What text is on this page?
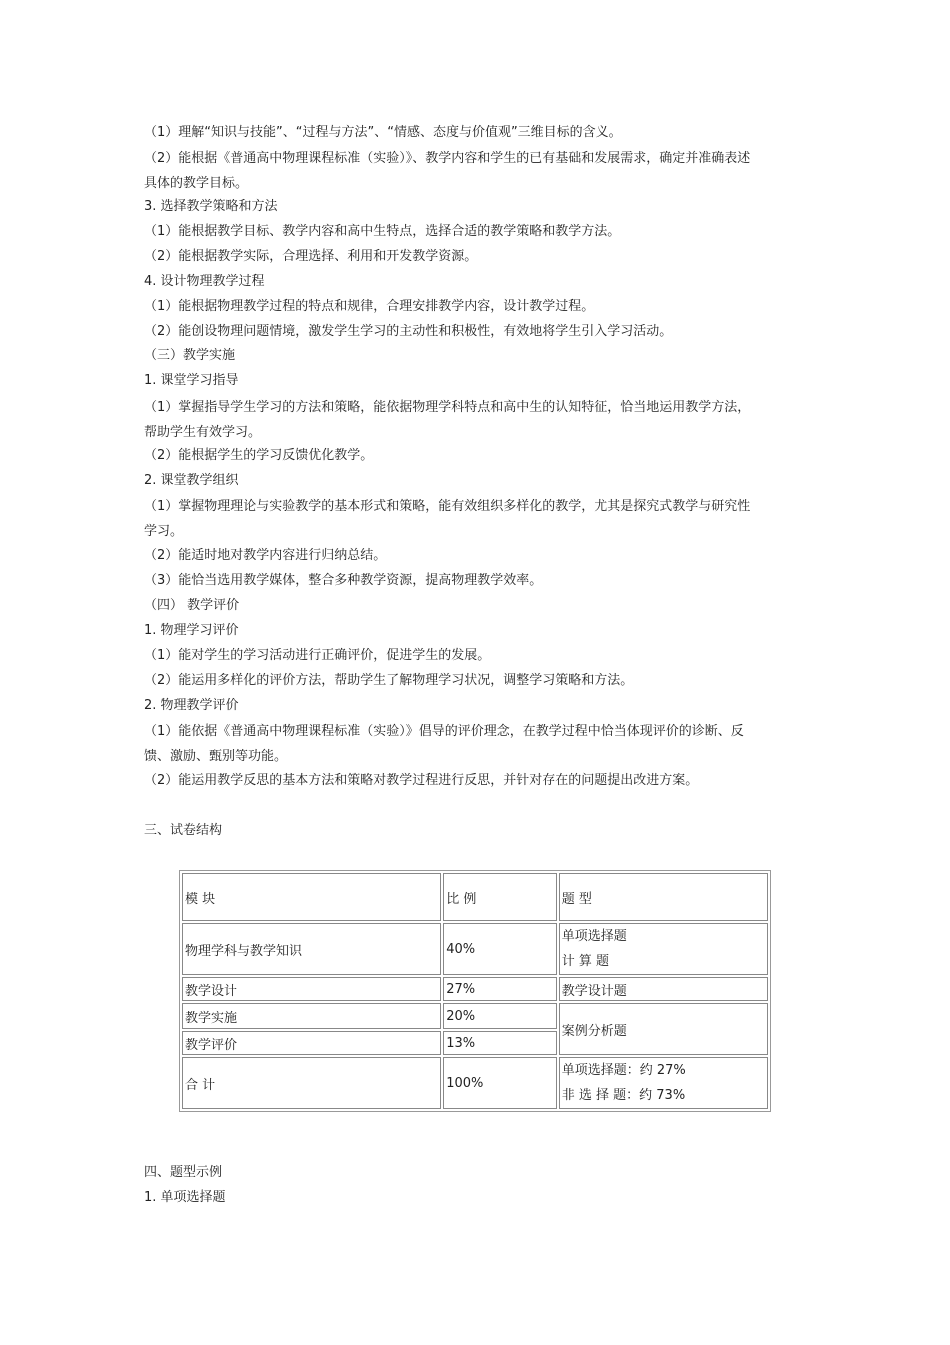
（1）理解“知识与技能”、“过程与方法”、“情感、态度与价值观”三维目标的含义。
（2）能根据《普通高中物理课程标准（实验）》、教学内容和学生的已有基础和发展需求，确定并准确表述具体的教学目标。
3. 选择教学策略和方法
（1）能根据教学目标、教学内容和高中生特点，选择合适的教学策略和教学方法。
（2）能根据教学实际，合理选择、利用和开发教学资源。
4. 设计物理教学过程
（1）能根据物理教学过程的特点和规律，合理安排教学内容，设计教学过程。
（2）能创设物理问题情境，激发学生学习的主动性和积极性，有效地将学生引入学习活动。
（三）教学实施
1. 课堂学习指导
（1）掌握指导学生学习的方法和策略，能依据物理学科特点和高中生的认知特征，恰当地运用教学方法，帮助学生有效学习。
（2）能根据学生的学习反馈优化教学。
2. 课堂教学组织
（1）掌握物理理论与实验教学的基本形式和策略，能有效组织多样化的教学，尤其是探究式教学与研究性学习。
（2）能适时地对教学内容进行归纳总结。
（3）能恰当选用教学媒体，整合多种教学资源，提高物理教学效率。
（四） 教学评价
1. 物理学习评价
（1）能对学生的学习活动进行正确评价，促进学生的发展。
（2）能运用多样化的评价方法，帮助学生了解物理学习状况，调整学习策略和方法。
2. 物理教学评价
（1）能依据《普通高中物理课程标准（实验）》倡导的评价理念，在教学过程中恰当体现评价的诊断、反馈、激励、甄别等功能。
（2）能运用教学反思的基本方法和策略对教学过程进行反思，并针对存在的问题提出改进方案。
三、试卷结构
模 块	比 例	题 型
物理学科与教学知识	40%	单项选择题
计 算 题

教学设计	27%	教学设计题
教学实施	20%	案例分析题
教学评价	13%	
合 计	100%	单项选择题：约 27%
非 选 择 题：约 73%
四、题型示例
1. 单项选择题
